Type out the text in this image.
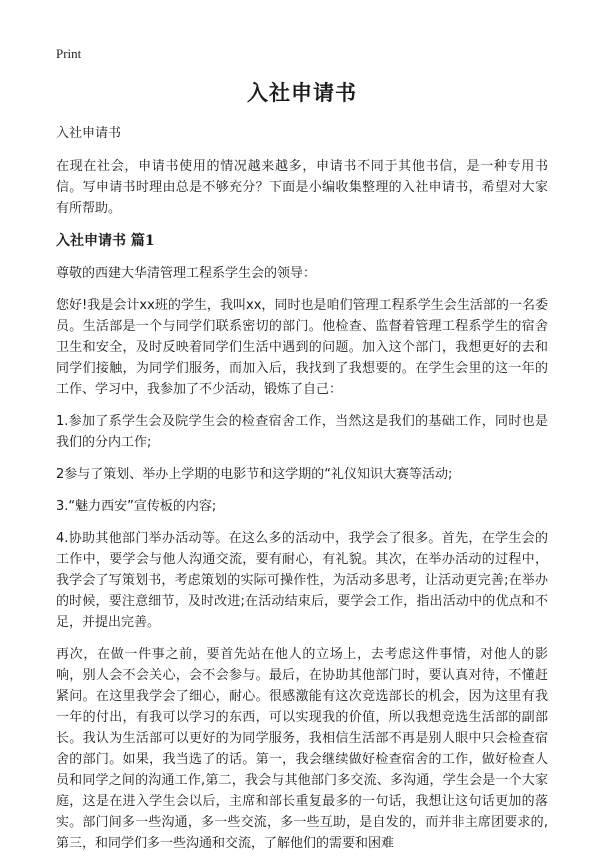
Print
入社申请书
入社申请书

在现在社会，申请书使用的情况越来越多，申请书不同于其他书信，是一种专用书信。写申请书时理由总是不够充分？下面是小编收集整理的入社申请书，希望对大家有所帮助。

入社申请书 篇1

尊敬的西建大华清管理工程系学生会的领导：

您好!我是会计xx班的学生，我叫xx，同时也是咱们管理工程系学生会生活部的一名委员。生活部是一个与同学们联系密切的部门。他检查、监督着管理工程系学生的宿舍卫生和安全，及时反映着同学们生活中遇到的问题。加入这个部门，我想更好的去和同学们接触，为同学们服务，而加入后，我找到了我想要的。在学生会里的这一年的工作、学习中，我参加了不少活动，锻炼了自己：

1.参加了系学生会及院学生会的检查宿舍工作，当然这是我们的基础工作，同时也是我们的分内工作;

2参与了策划、举办上学期的电影节和这学期的“礼仪知识大赛等活动;

3.“魅力西安”宣传板的内容;

4.协助其他部门举办活动等。在这么多的活动中，我学会了很多。首先，在学生会的工作中，要学会与他人沟通交流，要有耐心，有礼貌。其次，在举办活动的过程中，我学会了写策划书，考虑策划的实际可操作性，为活动多思考，让活动更完善;在举办的时候，要注意细节，及时改进;在活动结束后，要学会工作，指出活动中的优点和不足，并提出完善。

再次，在做一件事之前，要首先站在他人的立场上，去考虑这件事情，对他人的影响，别人会不会关心，会不会参与。最后，在协助其他部门时，要认真对待，不懂赶紧问。在这里我学会了细心，耐心。很感激能有这次竞选部长的机会，因为这里有我一年的付出，有我可以学习的东西，可以实现我的价值，所以我想竞选生活部的副部长。我认为生活部可以更好的为同学服务，我相信生活部不再是别人眼中只会检查宿舍的部门。如果，我当选了的话。第一，我会继续做好检查宿舍的工作，做好检查人员和同学之间的沟通工作,第二，我会与其他部门多交流、多沟通，学生会是一个大家庭，这是在进入学生会以后，主席和部长重复最多的一句话，我想让这句话更加的落实。部门间多一些沟通，多一些交流，多一些互助，是自发的，而并非主席团要求的,第三，和同学们多一些沟通和交流，了解他们的需要和困难
